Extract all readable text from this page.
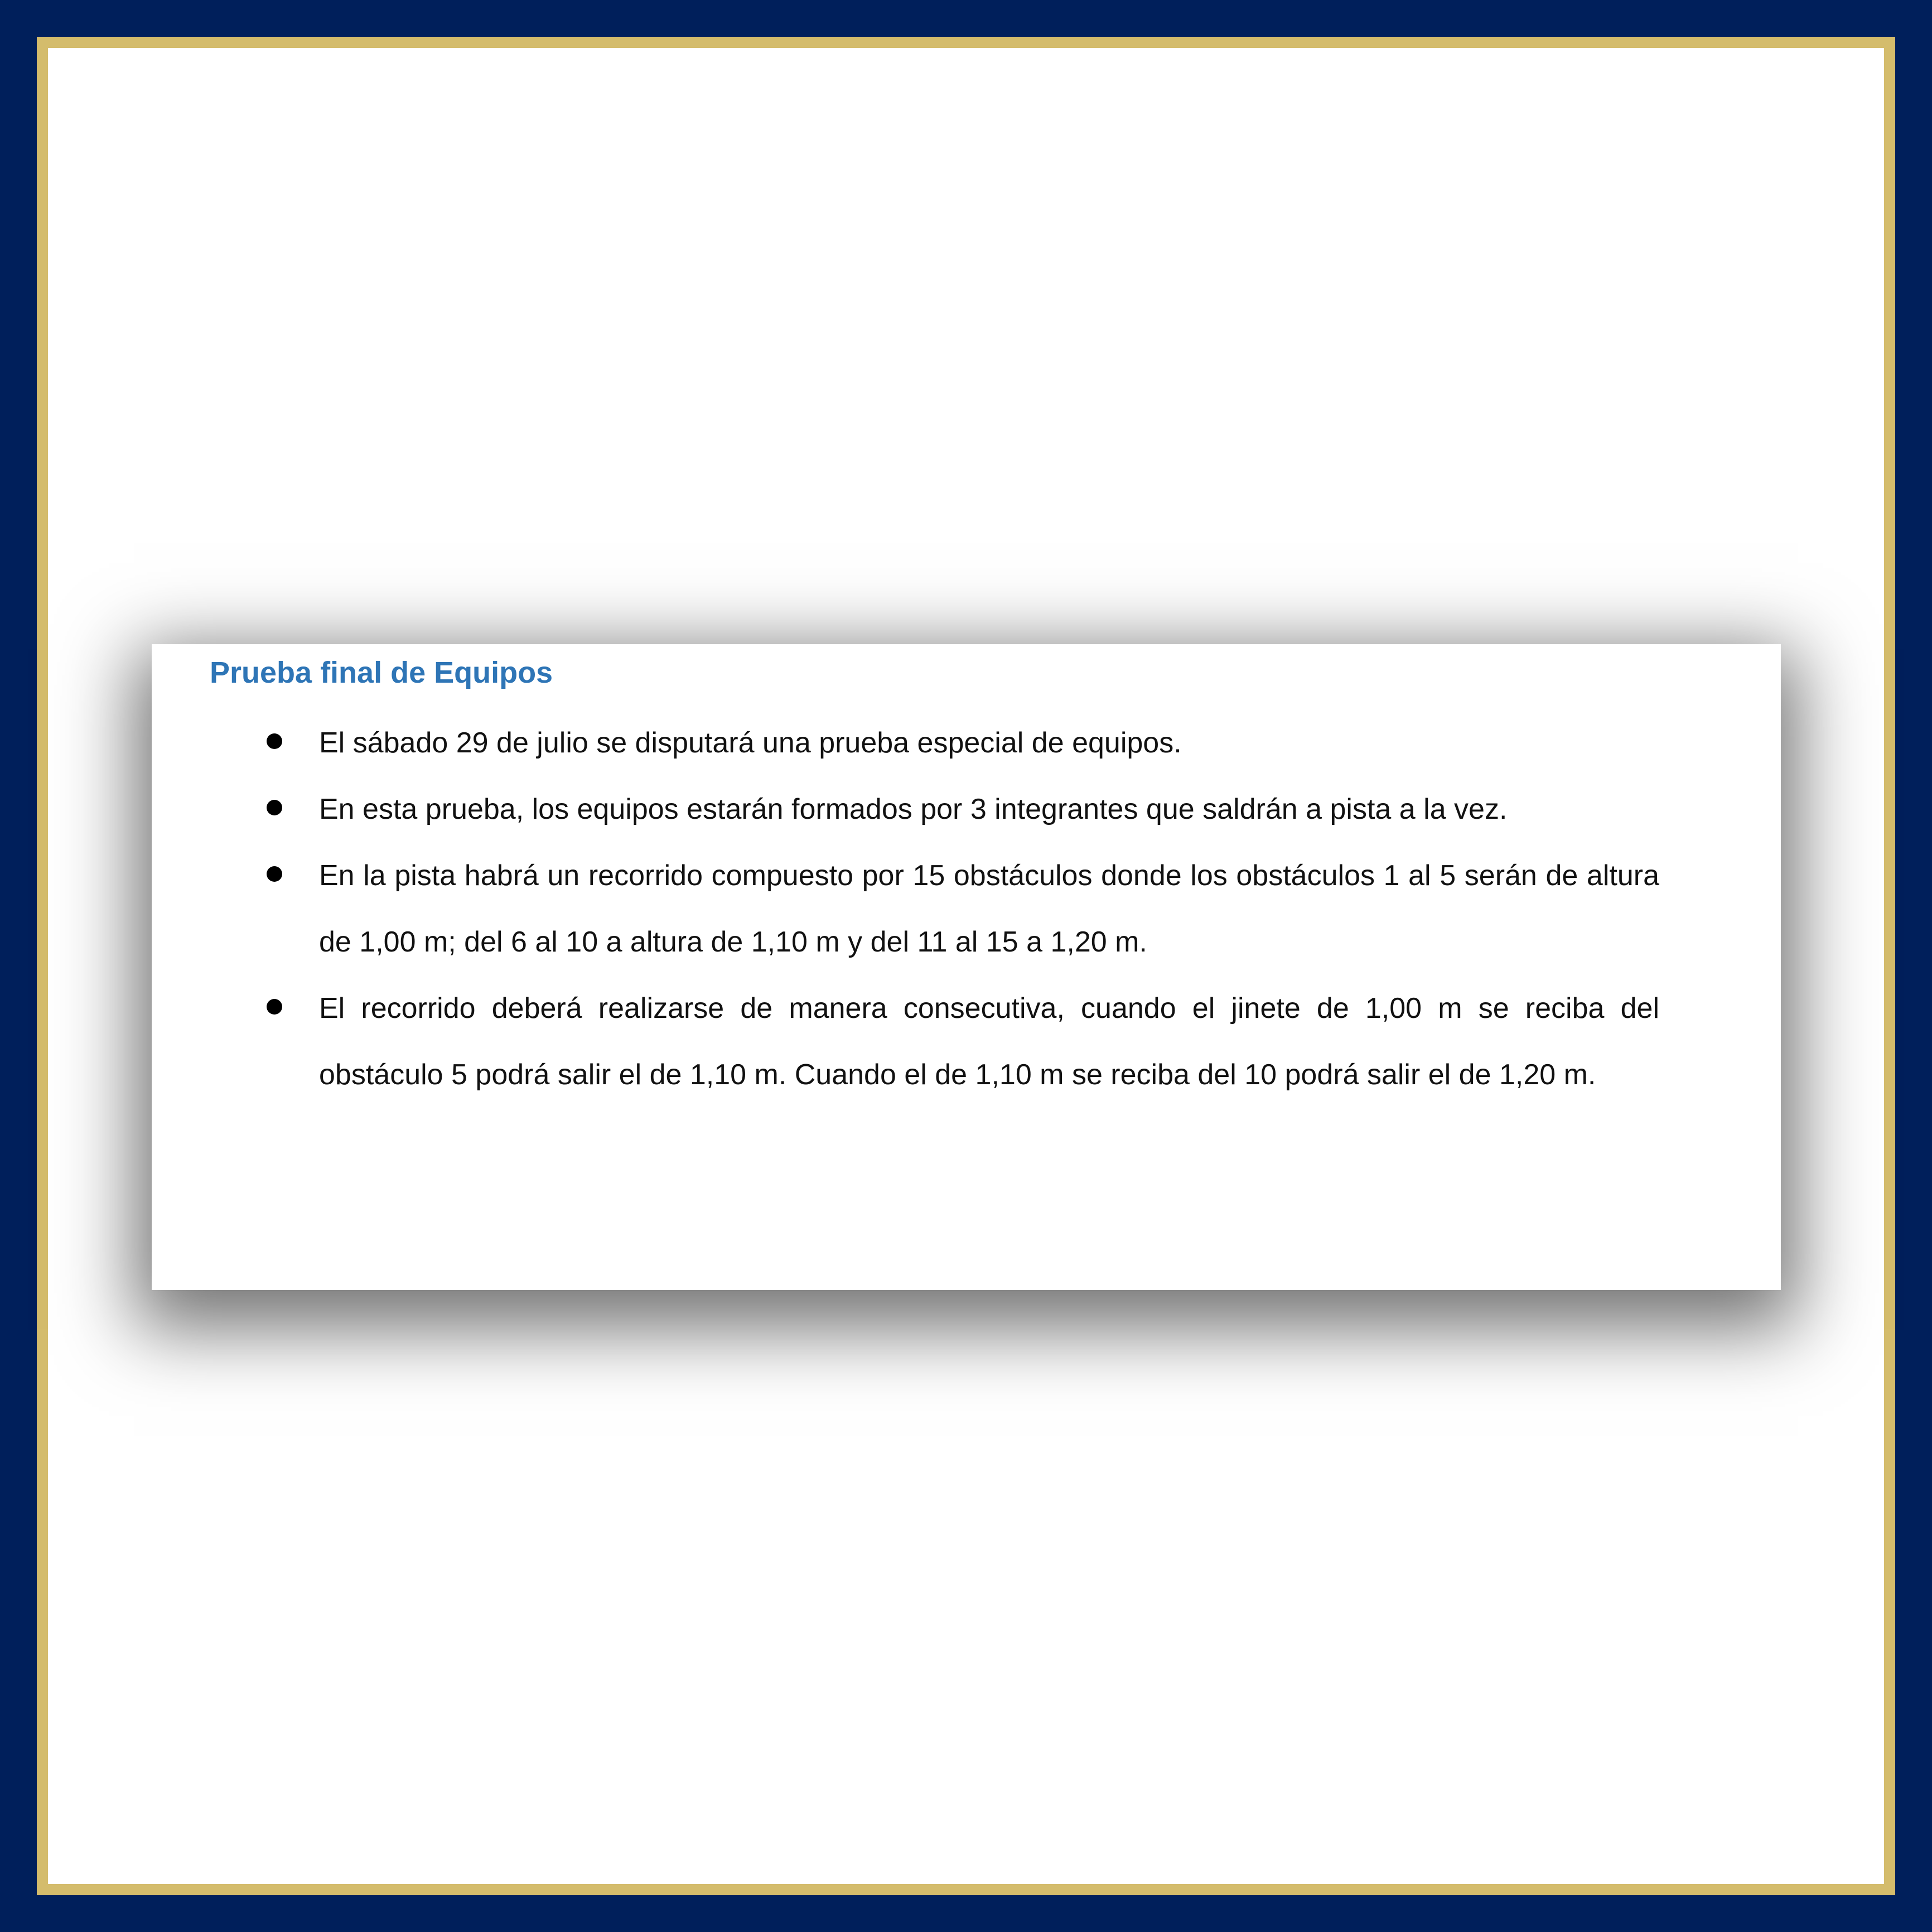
Prueba final de Equipos
El sábado 29 de julio se disputará una prueba especial de equipos.
En esta prueba, los equipos estarán formados por 3 integrantes que saldrán a pista a la vez.
En la pista habrá un recorrido compuesto por 15 obstáculos donde los obstáculos 1 al 5 serán de altura de 1,00 m; del 6 al 10 a altura de 1,10 m y del 11 al 15 a 1,20 m.
El recorrido deberá realizarse de manera consecutiva, cuando el jinete de 1,00 m se reciba del obstáculo 5 podrá salir el de 1,10 m. Cuando el de 1,10 m se reciba del 10 podrá salir el de 1,20 m.
